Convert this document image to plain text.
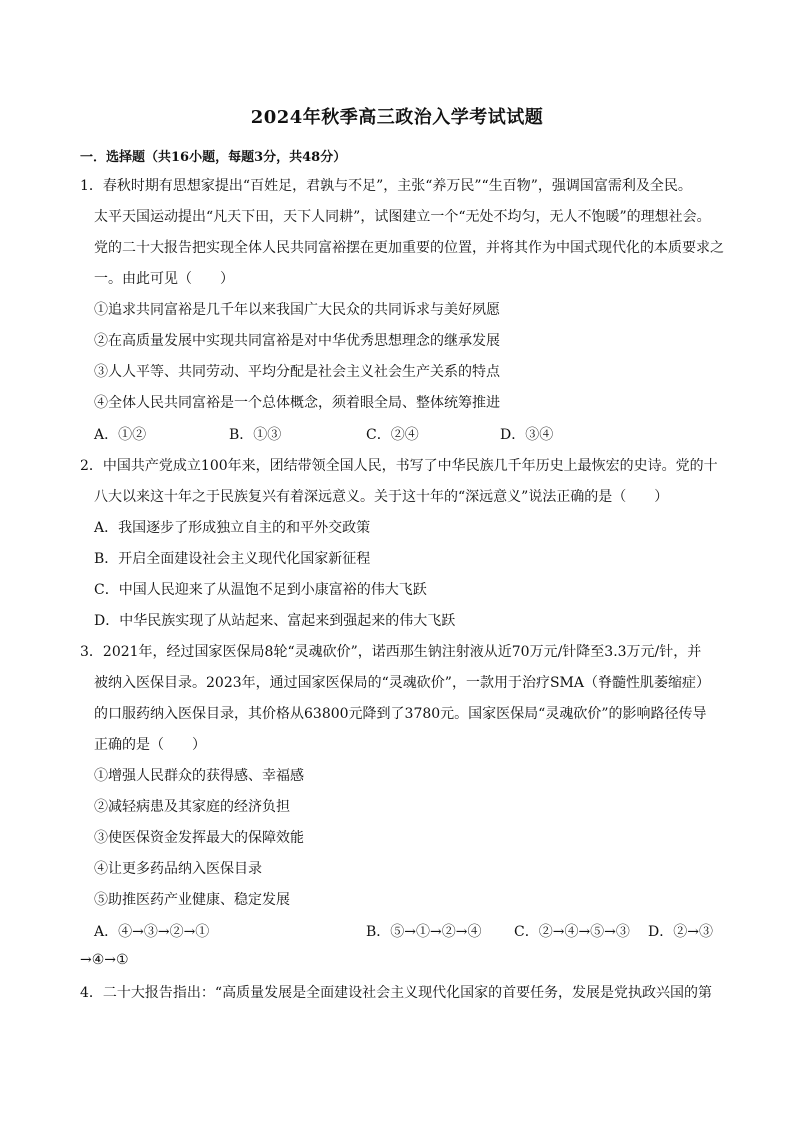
2024年秋季高三政治入学考试试题
一．选择题（共16小题，每题3分，共48分）
1．春秋时期有思想家提出“百姓足，君孰与不足”，主张“养万民”“生百物”，强调国富需利及全民。
太平天国运动提出“凡天下田，天下人同耕”，试图建立一个“无处不均匀，无人不饱暖”的理想社会。
党的二十大报告把实现全体人民共同富裕摆在更加重要的位置，并将其作为中国式现代化的本质要求之
一。由此可见（　　）
①追求共同富裕是几千年以来我国广大民众的共同诉求与美好夙愿
②在高质量发展中实现共同富裕是对中华优秀思想理念的继承发展
③人人平等、共同劳动、平均分配是社会主义社会生产关系的特点
④全体人民共同富裕是一个总体概念，须着眼全局、整体统筹推进
A．①②	B．①③	C．②④	D．③④
2．中国共产党成立100年来，团结带领全国人民，书写了中华民族几千年历史上最恢宏的史诗。党的十
八大以来这十年之于民族复兴有着深远意义。关于这十年的“深远意义”说法正确的是（　　）
A．我国逐步了形成独立自主的和平外交政策
B．开启全面建设社会主义现代化国家新征程
C．中国人民迎来了从温饱不足到小康富裕的伟大飞跃
D．中华民族实现了从站起来、富起来到强起来的伟大飞跃
3．2021年，经过国家医保局8轮“灵魂砍价”，诺西那生钠注射液从近70万元/针降至3.3万元/针，并
被纳入医保目录。2023年，通过国家医保局的“灵魂砍价”，一款用于治疗SMA（脊髓性肌萎缩症）
的口服药纳入医保目录，其价格从63800元降到了3780元。国家医保局“灵魂砍价”的影响路径传导
正确的是（　　）
①增强人民群众的获得感、幸福感
②减轻病患及其家庭的经济负担
③使医保资金发挥最大的保障效能
④让更多药品纳入医保目录
⑤助推医药产业健康、稳定发展
A．④→③→②→①	B．⑤→①→②→④ C．②→④→⑤→③ D．②→③
→④→①
4．二十大报告指出：“高质量发展是全面建设社会主义现代化国家的首要任务，发展是党执政兴国的第
